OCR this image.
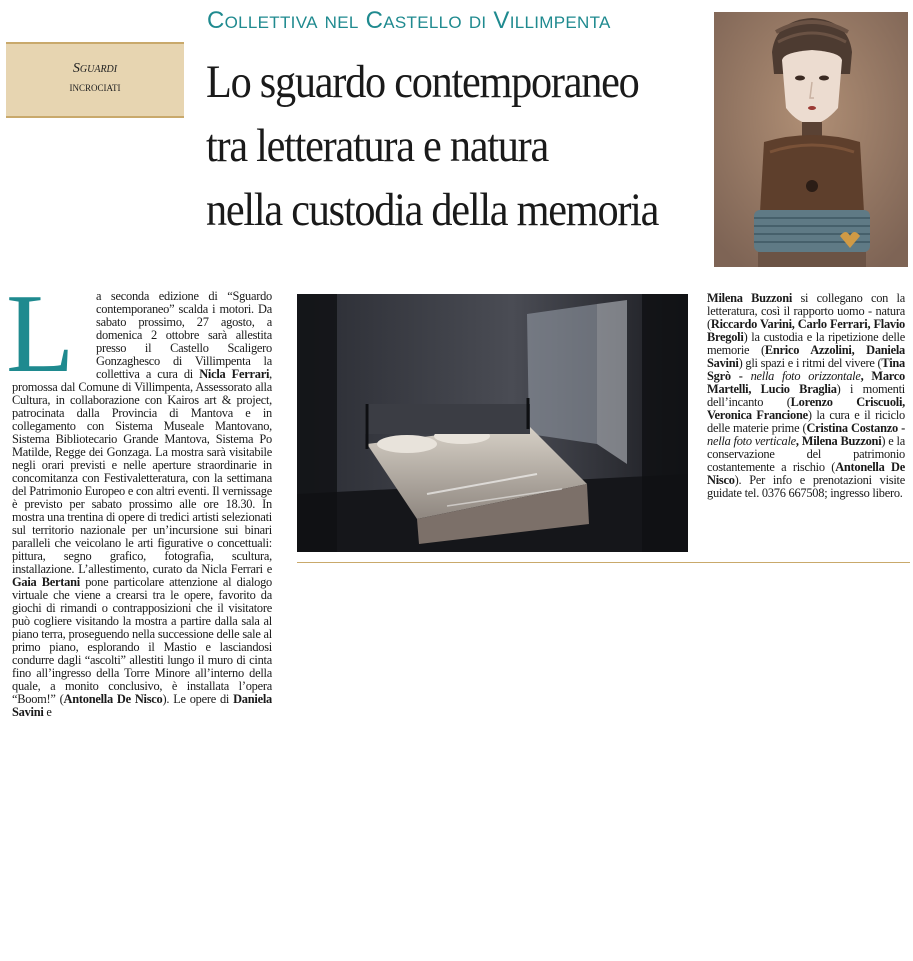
Sguardi
incrociati
Collettiva nel Castello di Villimpenta
Lo sguardo contemporaneo
tra letteratura e natura
nella custodia della memoria
L	a seconda edizione di “Sguardo contemporaneo” scalda i motori. Da sabato prossimo, 27 agosto, a domenica 2 ottobre sarà allestita presso il Castello Scaligero Gonzaghesco di Villimpenta la collettiva a cura di Nicla Ferrari, promossa dal Comune di Villimpenta, Assessorato alla Cultura, in collaborazione con Kairos art & project, patrocinata dalla Provincia di Mantova e in collegamento con Sistema Museale Mantovano, Sistema Bibliotecario Grande Mantova, Sistema Po Matilde, Regge dei Gonzaga. La mostra sarà visitabile negli orari previsti e nelle aperture straordinarie in concomitanza con Festivaletteratura, con la settimana del Patrimonio Europeo e con altri eventi. Il vernissage è previsto per sabato prossimo alle ore 18.30. In mostra una trentina di opere di tredici artisti selezionati sul territorio nazionale per un’incursione sui binari paralleli che veicolano le arti figurative o concettuali: pittura, segno grafico, fotografia, scultura, installazione. L’allestimento, curato da Nicla Ferrari e Gaia Bertani pone particolare attenzione al dialogo virtuale che viene a crearsi tra le opere, favorito da giochi di rimandi o contrapposizioni che il visitatore può cogliere visitando la mostra a partire dalla sala al piano terra, proseguendo nella successione delle sale al primo piano, esplorando il Mastio e lasciandosi condurre dagli “ascolti” allestiti lungo il muro di cinta fino all’ingresso della Torre Minore all’interno della quale, a monito conclusivo, è installata l’opera “Boom!” (Antonella De Nisco). Le opere di Daniela Savini e
Milena Buzzoni si collegano con la letteratura, così il rapporto uomo - natura (Riccardo Varini, Carlo Ferrari, Flavio Bregoli) la custodia e la ripetizione delle memorie (Enrico Azzolini, Daniela Savini) gli spazi e i ritmi del vivere (Tina Sgrò - nella foto orizzontale, Marco Martelli, Lucio Braglia) i momenti dell’incanto (Lorenzo Criscuoli, Veronica Francione) la cura e il riciclo delle materie prime (Cristina Costanzo - nella foto verticale, Milena Buzzoni) e la conservazione del patrimonio costantemente a rischio (Antonella De Nisco). Per info e prenotazioni visite guidate tel. 0376 667508; ingresso libero.
